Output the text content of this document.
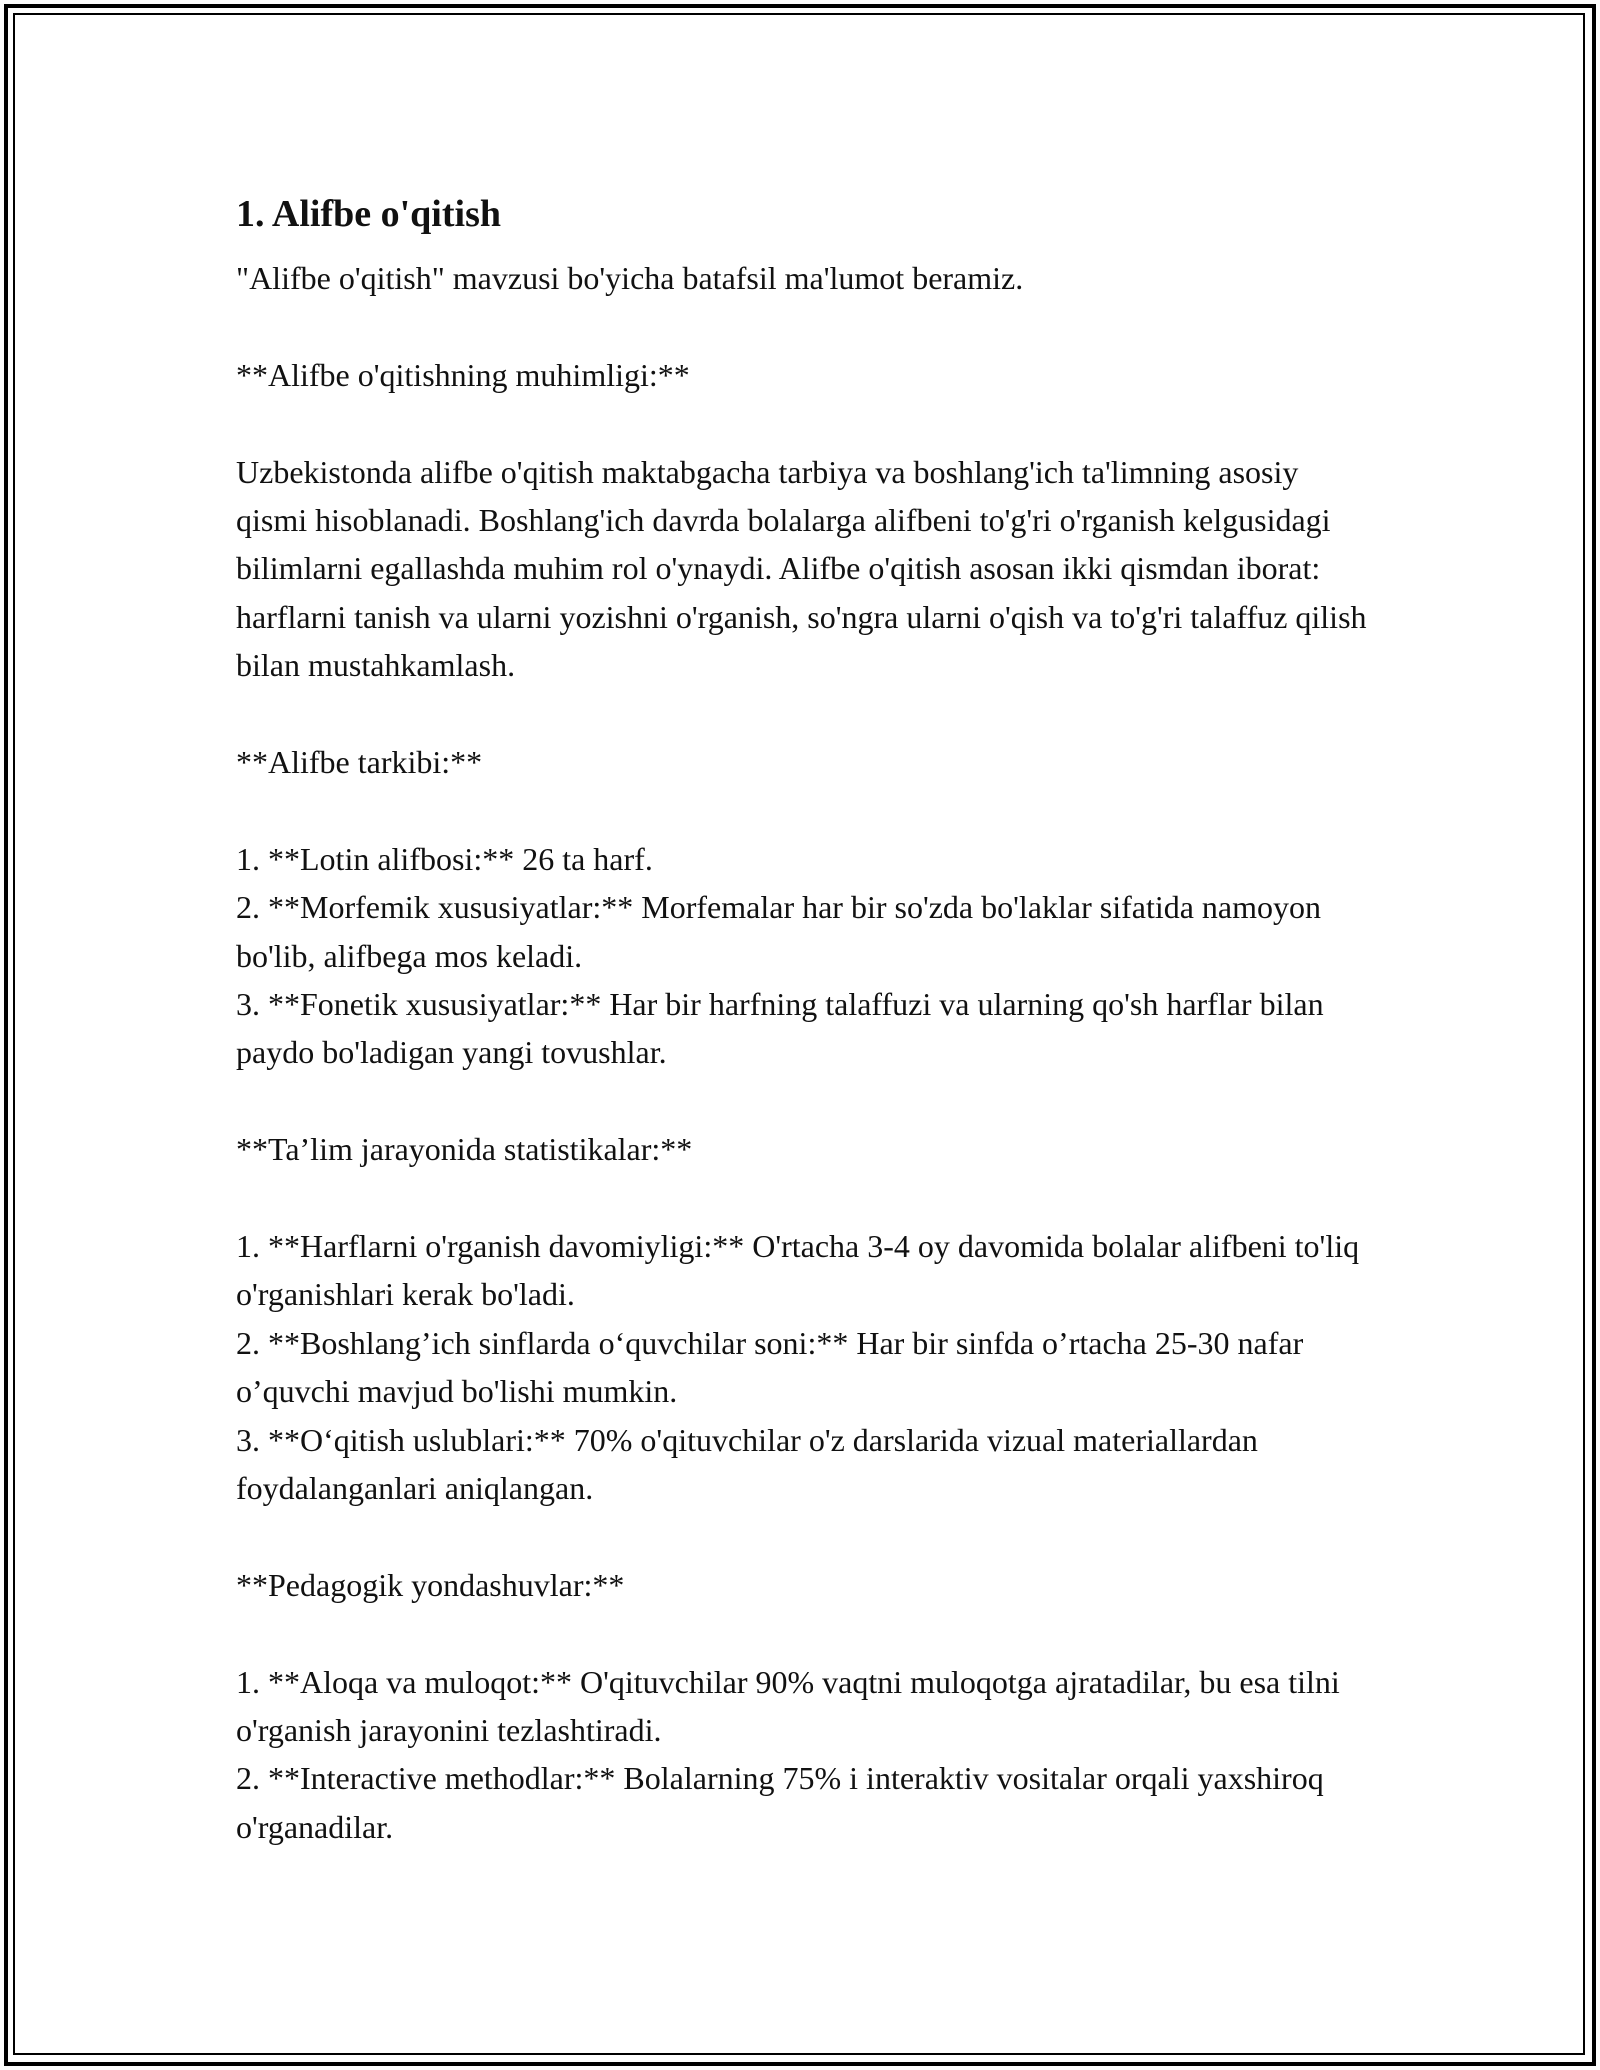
1. Alifbe o'qitish

"Alifbe o'qitish" mavzusi bo'yicha batafsil ma'lumot beramiz.

**Alifbe o'qitishning muhimligi:**

Uzbekistonda alifbe o'qitish maktabgacha tarbiya va boshlang'ich ta'limning asosiy qismi hisoblanadi. Boshlang'ich davrda bolalarga alifbeni to'g'ri o'rganish kelgusidagi bilimlarni egallashda muhim rol o'ynaydi. Alifbe o'qitish asosan ikki qismdan iborat: harflarni tanish va ularni yozishni o'rganish, so'ngra ularni o'qish va to'g'ri talaffuz qilish bilan mustahkamlash.

**Alifbe tarkibi:**

1. **Lotin alifbosi:** 26 ta harf.

2. **Morfemik xususiyatlar:** Morfemalar har bir so'zda bo'laklar sifatida namoyon bo'lib, alifbega mos keladi.

3. **Fonetik xususiyatlar:** Har bir harfning talaffuzi va ularning qo'sh harflar bilan paydo bo'ladigan yangi tovushlar.

**Ta’lim jarayonida statistikalar:**

1. **Harflarni o'rganish davomiyligi:** O'rtacha 3-4 oy davomida bolalar alifbeni to'liq o'rganishlari kerak bo'ladi.

2. **Boshlang’ich sinflarda o‘quvchilar soni:** Har bir sinfda o’rtacha 25-30 nafar o’quvchi mavjud bo'lishi mumkin.

3. **O‘qitish uslublari:** 70% o'qituvchilar o'z darslarida vizual materiallardan foydalanganlari aniqlangan.

**Pedagogik yondashuvlar:**

1. **Aloqa va muloqot:** O'qituvchilar 90% vaqtni muloqotga ajratadilar, bu esa tilni o'rganish jarayonini tezlashtiradi.

2. **Interactive methodlar:** Bolalarning 75% i interaktiv vositalar orqali yaxshiroq o'rganadilar.
